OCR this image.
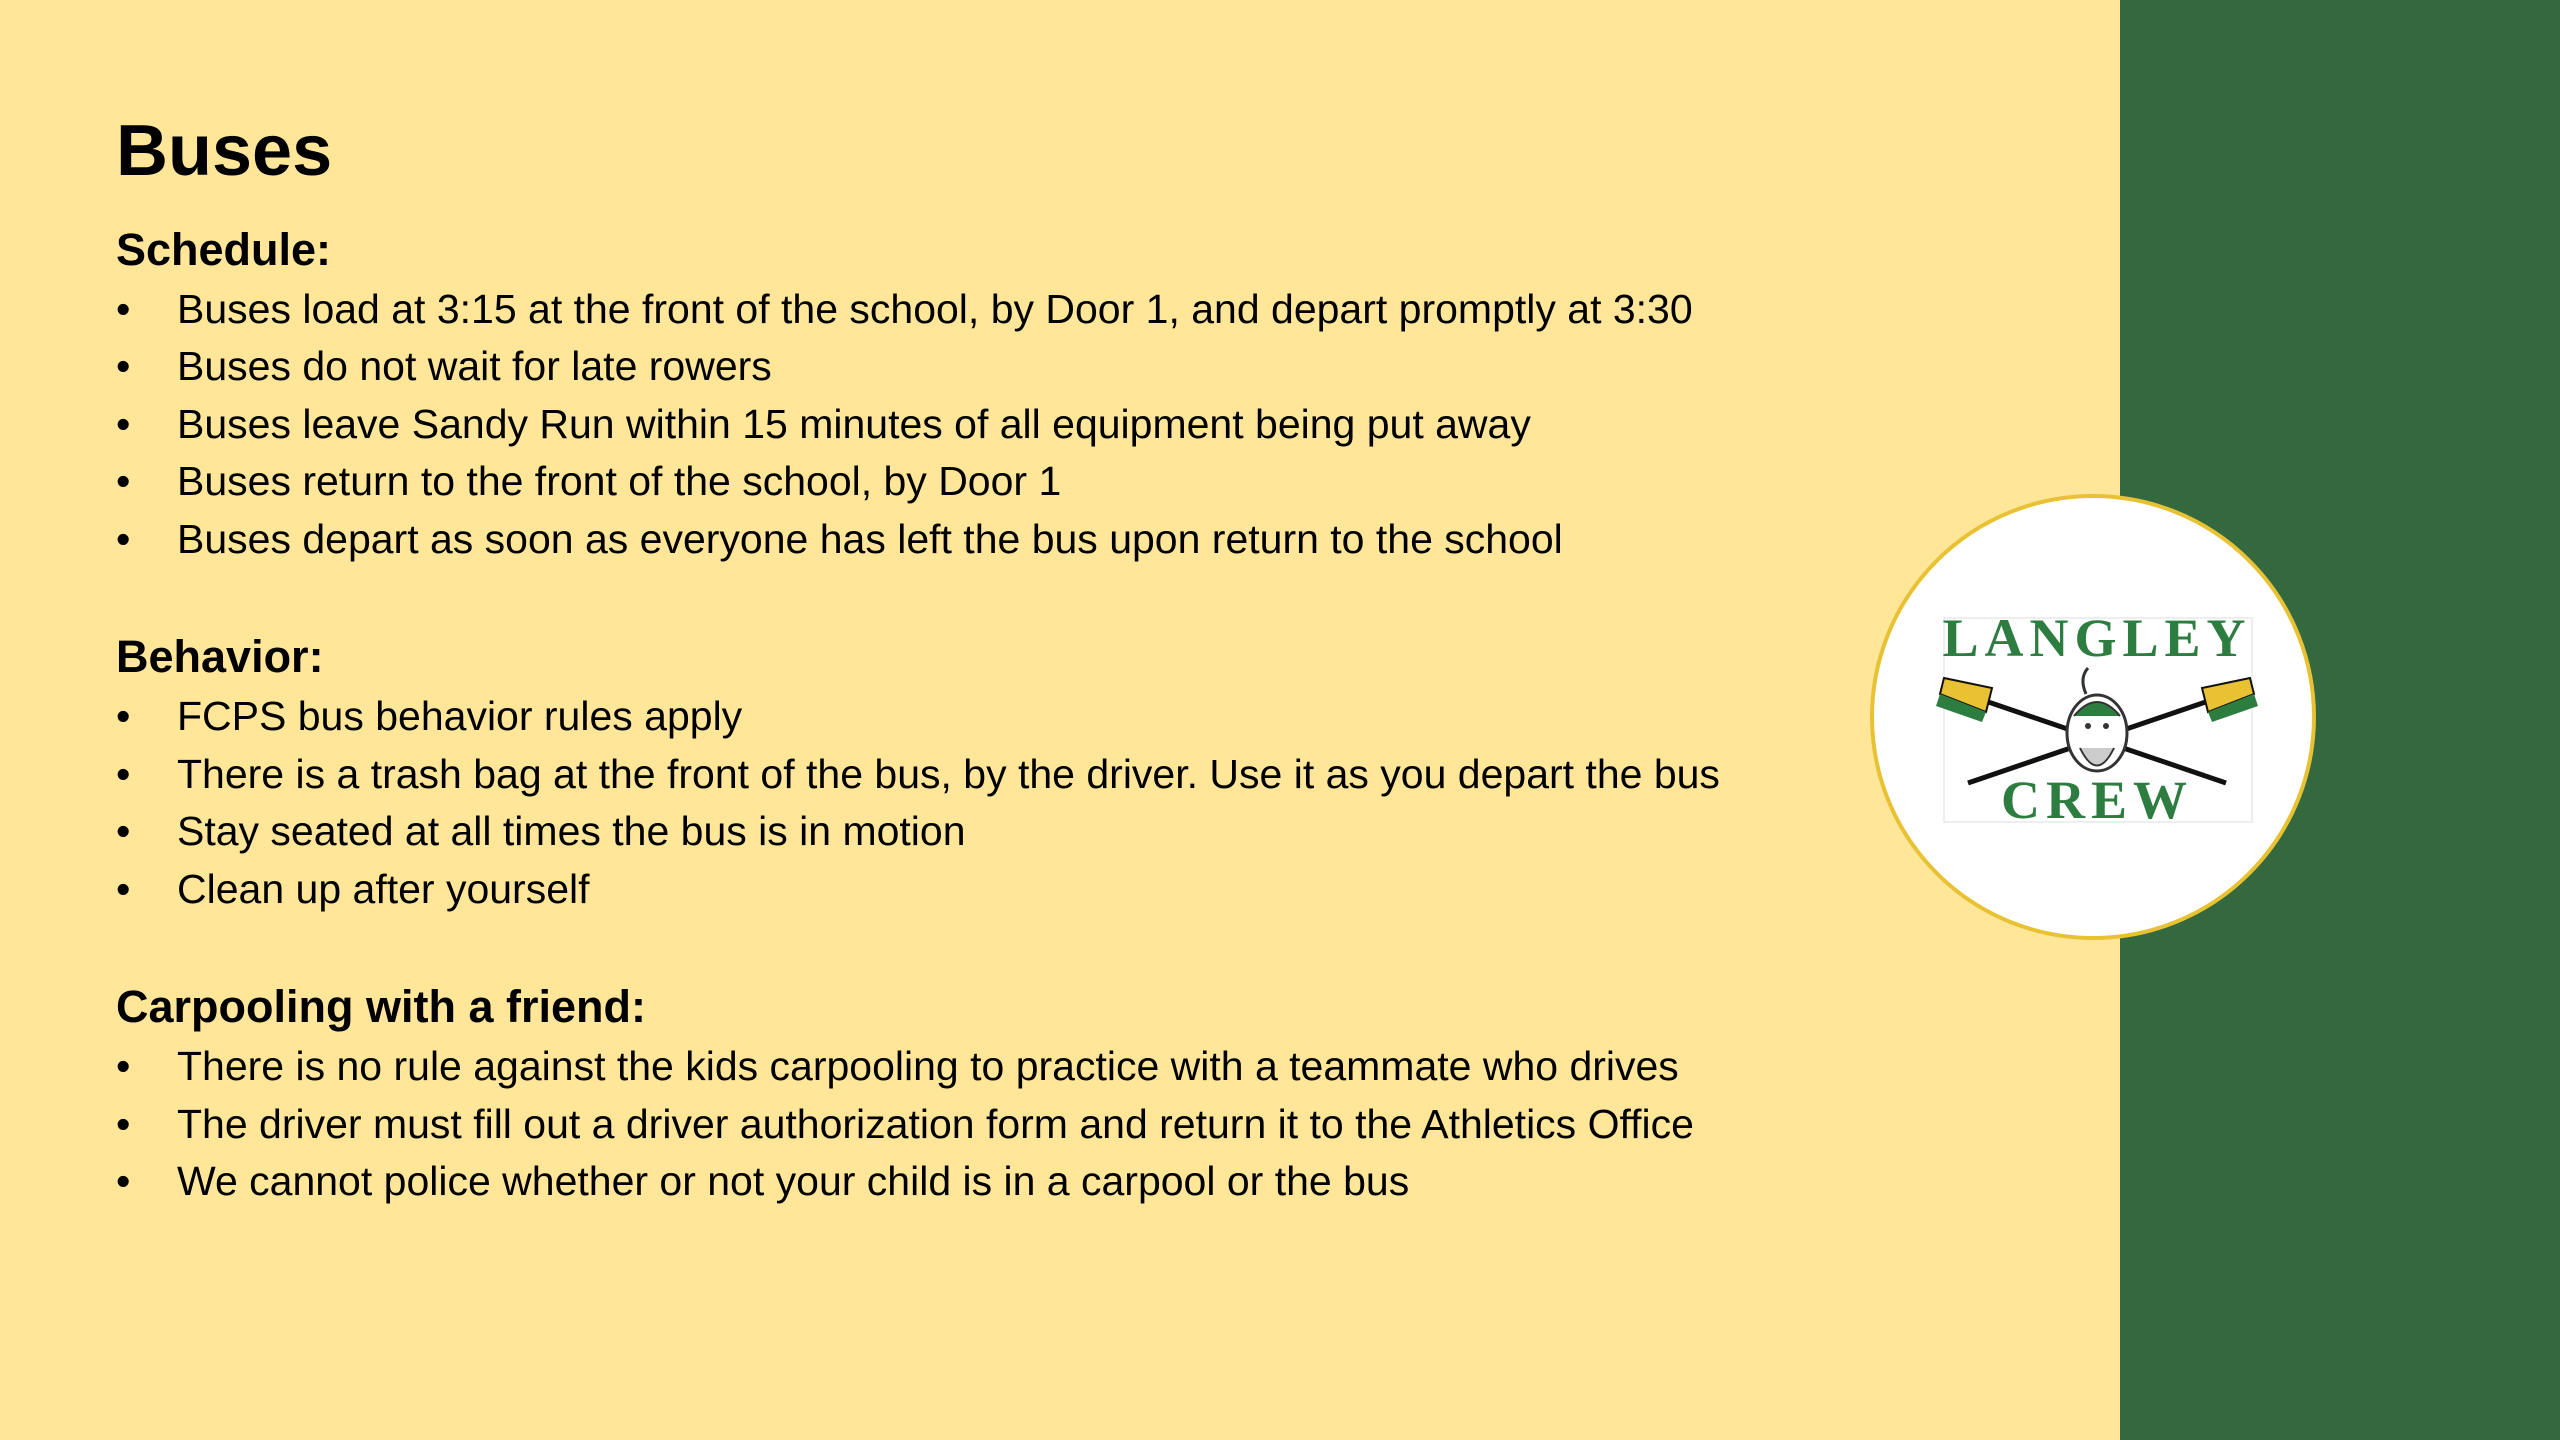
Buses
Schedule:
• Buses load at 3:15 at the front of the school, by Door 1, and depart promptly at 3:30
• Buses do not wait for late rowers
• Buses leave Sandy Run within 15 minutes of all equipment being put away
• Buses return to the front of the school, by Door 1
• Buses depart as soon as everyone has left the bus upon return to the school
Behavior:
• FCPS bus behavior rules apply
• There is a trash bag at the front of the bus, by the driver. Use it as you depart the bus
• Stay seated at all times the bus is in motion
• Clean up after yourself
Carpooling with a friend:
• There is no rule against the kids carpooling to practice with a teammate who drives
• The driver must fill out a driver authorization form and return it to the Athletics Office
• We cannot police whether or not your child is in a carpool or the bus
LANGLEY
CREW
